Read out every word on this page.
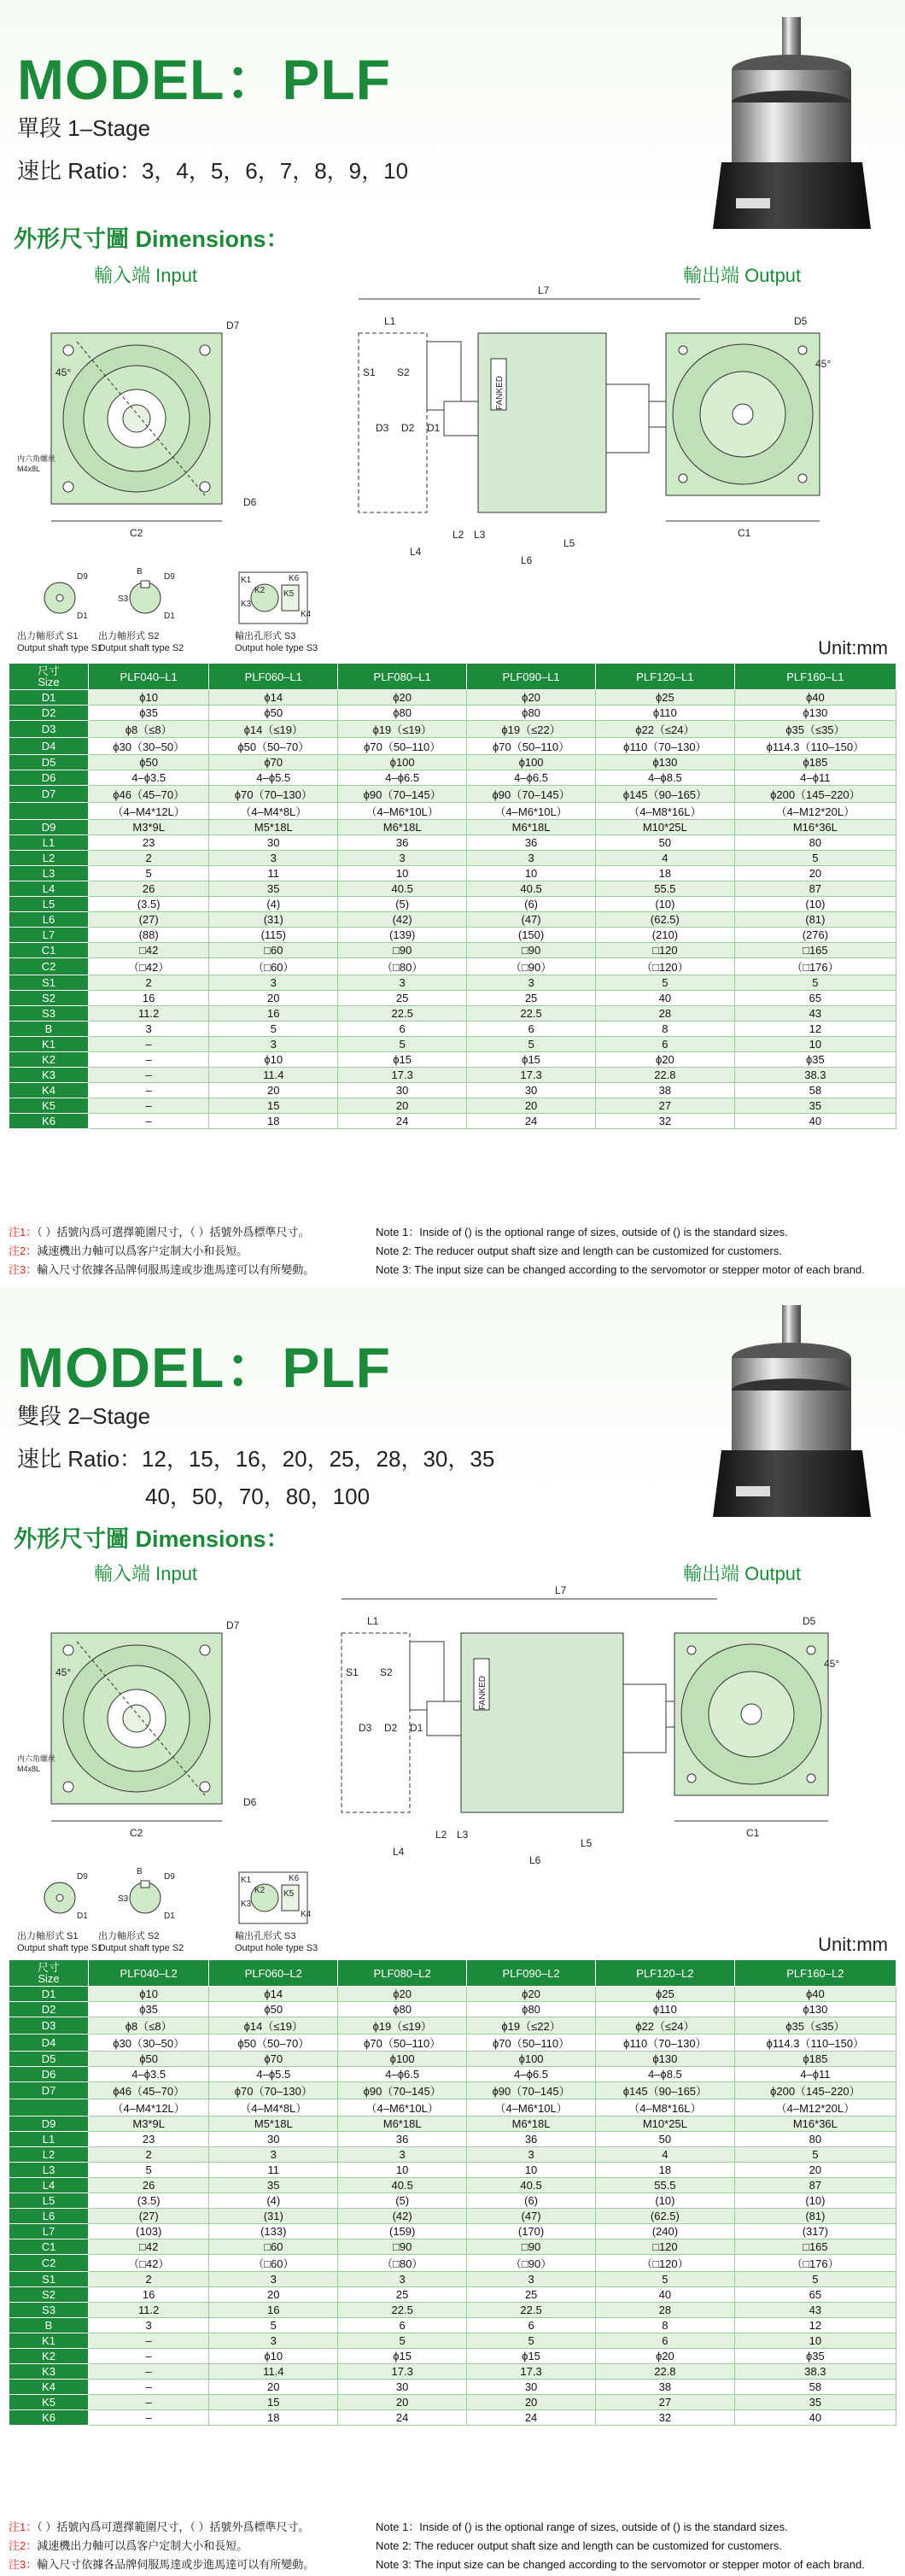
MODEL：PLF
單段 1–Stage
速比 Ratio：3，4，5，6，7，8，9，10
外形尺寸圖 Dimensions：
輸入端 Input	輸出端 Output
D7
45°
D6
C2
内六角螺丝
M4x8L
FANKED
L7
L1
S1 S2
D3 D2 D1
L2 L3
L4
L5
L6
D5
45°
C1
D9
D1
B
D9
S3
D1
K1
K2
K3
K6
K5
K4
Unit:mm
尺寸
Size	PLF040–L1	PLF060–L1	PLF080–L1	PLF090–L1	PLF120–L1	PLF160–L1
D1	ϕ10	ϕ14	ϕ20	ϕ20	ϕ25	ϕ40
D2	ϕ35	ϕ50	ϕ80	ϕ80	ϕ110	ϕ130
D3	ϕ8（≤8）	ϕ14（≤19）	ϕ19（≤19）	ϕ19（≤22）	ϕ22（≤24）	ϕ35（≤35）
D4	ϕ30（30–50）	ϕ50（50–70）	ϕ70（50–110）	ϕ70（50–110）	ϕ110（70–130）	ϕ114.3（110–150）
D5	ϕ50	ϕ70	ϕ100	ϕ100	ϕ130	ϕ185
D6	4–ϕ3.5	4–ϕ5.5	4–ϕ6.5	4–ϕ6.5	4–ϕ8.5	4–ϕ11
D7	ϕ46（45–70）	ϕ70（70–130）	ϕ90（70–145）	ϕ90（70–145）	ϕ145（90–165）	ϕ200（145–220）
	（4–M4*12L）	（4–M4*8L）	（4–M6*10L）	（4–M6*10L）	（4–M8*16L）	（4–M12*20L）
D9	M3*9L	M5*18L	M6*18L	M6*18L	M10*25L	M16*36L
L1	23	30	36	36	50	80
L2	2	3	3	3	4	5
L3	5	11	10	10	18	20
L4	26	35	40.5	40.5	55.5	87
L5	(3.5)	(4)	(5)	(6)	(10)	(10)
L6	(27)	(31)	(42)	(47)	(62.5)	(81)
L7	(88)	(115)	(139)	(150)	(210)	(276)
C1	□42	□60	□90	□90	□120	□165
C2	（□42）	（□60）	（□80）	（□90）	（□120）	（□176）
S1	2	3	3	3	5	5
S2	16	20	25	25	40	65
S3	11.2	16	22.5	22.5	28	43
B	3	5	6	6	8	12
K1	–	3	5	5	6	10
K2	–	ϕ10	ϕ15	ϕ15	ϕ20	ϕ35
K3	–	11.4	17.3	17.3	22.8	38.3
K4	–	20	30	30	38	58
K5	–	15	20	20	27	35
K6	–	18	24	24	32	40
注1：（ ）括號內爲可選擇範圍尺寸，（ ）括號外爲標準尺寸。	Note 1：Inside of () is the optional range of sizes, outside of () is the standard sizes.
注2：減速機出力軸可以爲客户定制大小和長短。	Note 2: The reducer output shaft size and length can be customized for customers.
注3：輸入尺寸依據各品牌伺服馬達或步進馬達可以有所變動。	Note 3: The input size can be changed according to the servomotor or stepper motor of each brand.
出力軸形式 S1
Output shaft type S1
出力軸形式 S2
Output shaft type S2
輸出孔形式 S3
Output hole type S3
MODEL：PLF
雙段 2–Stage
速比 Ratio：12，15，16，20，25，28，30，35
40，50，70，80，100
外形尺寸圖 Dimensions：
輸入端 Input	輸出端 Output
D7
45°
D6
C2
内六角螺丝
M4x8L
FANKED
L7
L1
S1 S2
D3 D2 D1
L2 L3
L4
L5
L6
D5
45°
C1
D9
D1
B
D9
S3
D1
K1
K2
K3
K6
K5
K4
Unit:mm
尺寸
Size	PLF040–L2	PLF060–L2	PLF080–L2	PLF090–L2	PLF120–L2	PLF160–L2
D1	ϕ10	ϕ14	ϕ20	ϕ20	ϕ25	ϕ40
D2	ϕ35	ϕ50	ϕ80	ϕ80	ϕ110	ϕ130
D3	ϕ8（≤8）	ϕ14（≤19）	ϕ19（≤19）	ϕ19（≤22）	ϕ22（≤24）	ϕ35（≤35）
D4	ϕ30（30–50）	ϕ50（50–70）	ϕ70（50–110）	ϕ70（50–110）	ϕ110（70–130）	ϕ114.3（110–150）
D5	ϕ50	ϕ70	ϕ100	ϕ100	ϕ130	ϕ185
D6	4–ϕ3.5	4–ϕ5.5	4–ϕ6.5	4–ϕ6.5	4–ϕ8.5	4–ϕ11
D7	ϕ46（45–70）	ϕ70（70–130）	ϕ90（70–145）	ϕ90（70–145）	ϕ145（90–165）	ϕ200（145–220）
	（4–M4*12L）	（4–M4*8L）	（4–M6*10L）	（4–M6*10L）	（4–M8*16L）	（4–M12*20L）
D9	M3*9L	M5*18L	M6*18L	M6*18L	M10*25L	M16*36L
L1	23	30	36	36	50	80
L2	2	3	3	3	4	5
L3	5	11	10	10	18	20
L4	26	35	40.5	40.5	55.5	87
L5	(3.5)	(4)	(5)	(6)	(10)	(10)
L6	(27)	(31)	(42)	(47)	(62.5)	(81)
L7	(103)	(133)	(159)	(170)	(240)	(317)
C1	□42	□60	□90	□90	□120	□165
C2	（□42）	（□60）	（□80）	（□90）	（□120）	（□176）
S1	2	3	3	3	5	5
S2	16	20	25	25	40	65
S3	11.2	16	22.5	22.5	28	43
B	3	5	6	6	8	12
K1	–	3	5	5	6	10
K2	–	ϕ10	ϕ15	ϕ15	ϕ20	ϕ35
K3	–	11.4	17.3	17.3	22.8	38.3
K4	–	20	30	30	38	58
K5	–	15	20	20	27	35
K6	–	18	24	24	32	40
注1：（ ）括號內爲可選擇範圍尺寸，（ ）括號外爲標準尺寸。	Note 1：Inside of () is the optional range of sizes, outside of () is the standard sizes.
注2：減速機出力軸可以爲客户定制大小和長短。	Note 2: The reducer output shaft size and length can be customized for customers.
注3：輸入尺寸依據各品牌伺服馬達或步進馬達可以有所變動。	Note 3: The input size can be changed according to the servomotor or stepper motor of each brand.
出力軸形式 S1
Output shaft type S1
出力軸形式 S2
Output shaft type S2
輸出孔形式 S3
Output hole type S3
